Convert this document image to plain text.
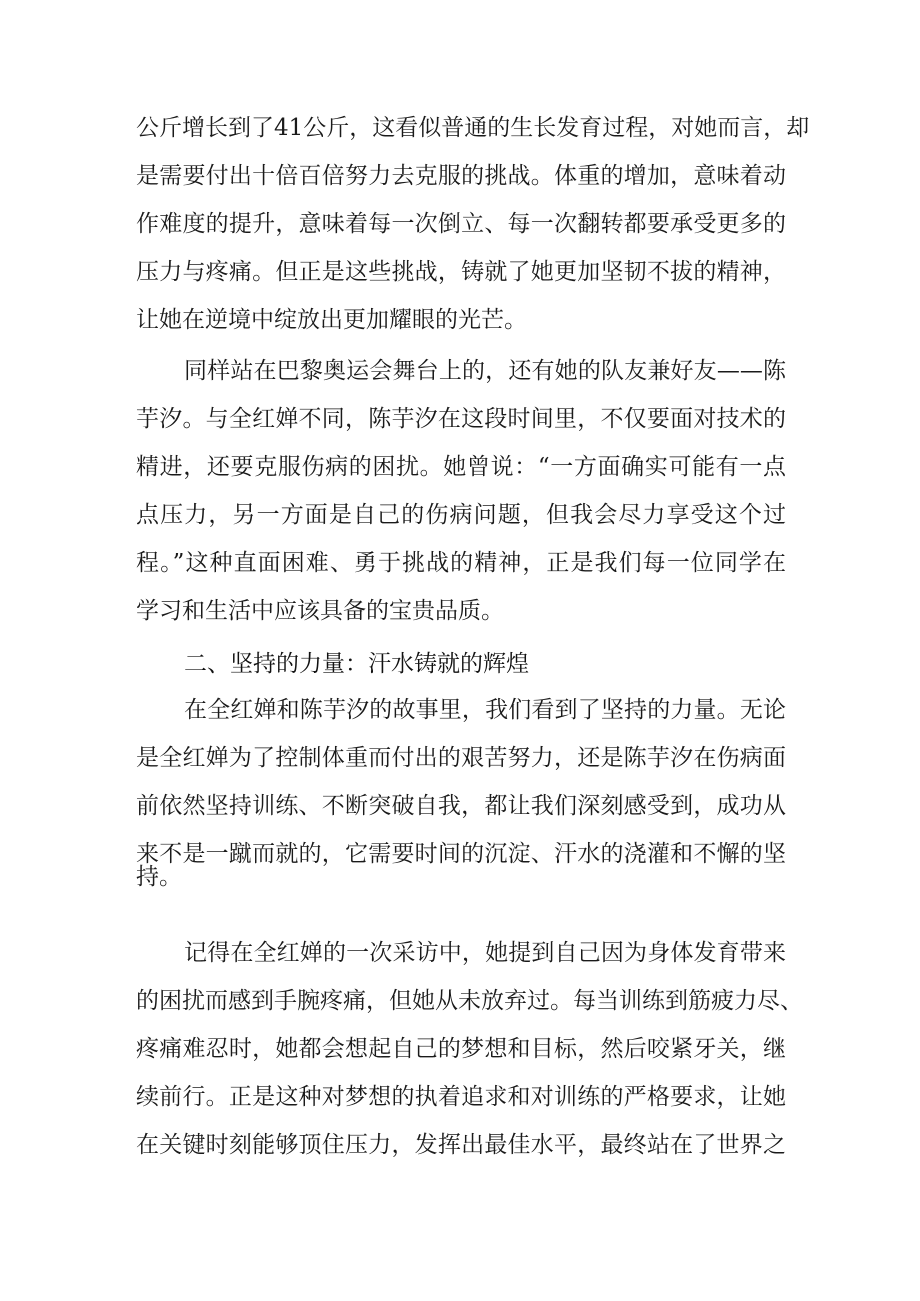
公斤增长到了41公斤，这看似普通的生长发育过程，对她而言，却
是需要付出十倍百倍努力去克服的挑战。体重的增加，意味着动
作难度的提升，意味着每一次倒立、每一次翻转都要承受更多的
压力与疼痛。但正是这些挑战，铸就了她更加坚韧不拔的精神，
让她在逆境中绽放出更加耀眼的光芒。
同样站在巴黎奥运会舞台上的，还有她的队友兼好友——陈
芋汐。与全红婵不同，陈芋汐在这段时间里，不仅要面对技术的
精进，还要克服伤病的困扰。她曾说：“一方面确实可能有一点
点压力，另一方面是自己的伤病问题，但我会尽力享受这个过
程。”这种直面困难、勇于挑战的精神，正是我们每一位同学在
学习和生活中应该具备的宝贵品质。
二、坚持的力量：汗水铸就的辉煌
在全红婵和陈芋汐的故事里，我们看到了坚持的力量。无论
是全红婵为了控制体重而付出的艰苦努力，还是陈芋汐在伤病面
前依然坚持训练、不断突破自我，都让我们深刻感受到，成功从
来不是一蹴而就的，它需要时间的沉淀、汗水的浇灌和不懈的坚
持。
记得在全红婵的一次采访中，她提到自己因为身体发育带来
的困扰而感到手腕疼痛，但她从未放弃过。每当训练到筋疲力尽、
疼痛难忍时，她都会想起自己的梦想和目标，然后咬紧牙关，继
续前行。正是这种对梦想的执着追求和对训练的严格要求，让她
在关键时刻能够顶住压力，发挥出最佳水平，最终站在了世界之
